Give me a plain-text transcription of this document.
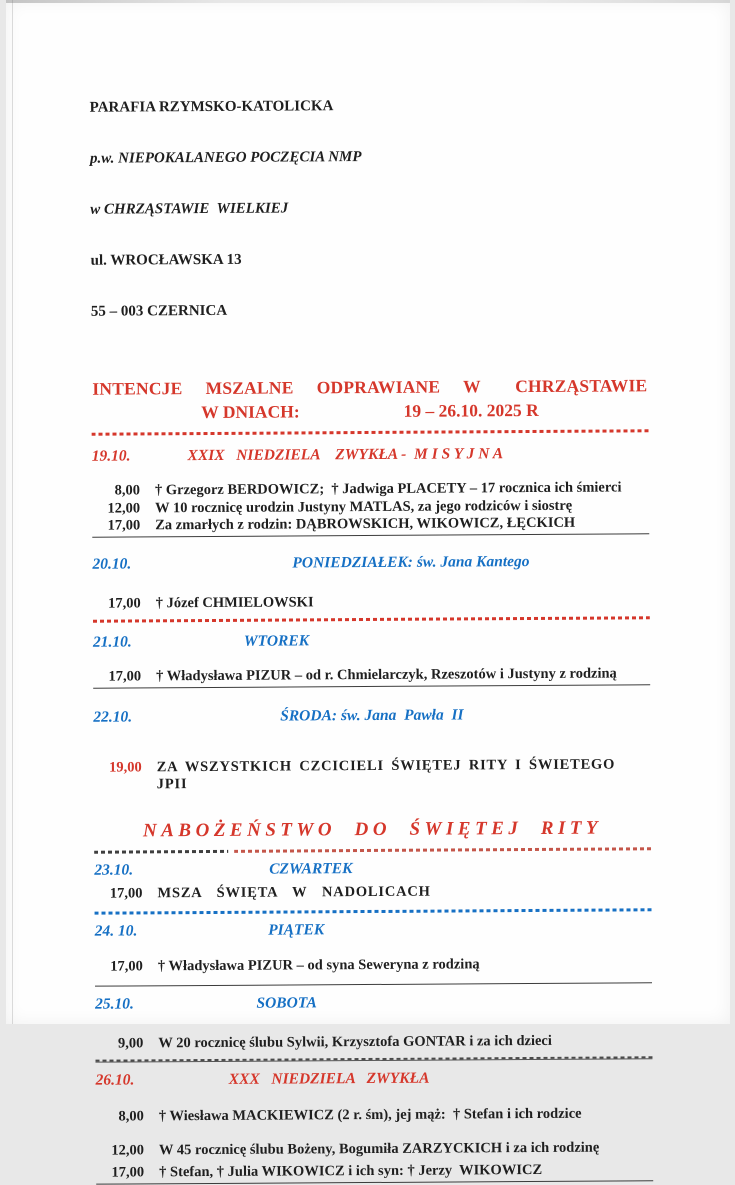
PARAFIA RZYMSKO-KATOLICKA

p.w. NIEPOKALANEGO POCZĘCIA NMP

w CHRZĄSTAWIE  WIELKIEJ

ul. WROCŁAWSKA 13

55 – 003 CZERNICA

INTENCJE  MSZALNE  ODPRAWIANE  W   CHRZĄSTAWIE
W DNIACH:	19 – 26.10. 2025 R
19.10.	XXIX   NIEDZIELA    ZWYKŁA -  M I S Y J N A
8,00 † Grzegorz BERDOWICZ;  † Jadwiga PLACETY – 17 rocznica ich śmierci
12,00 W 10 rocznicę urodzin Justyny MATLAS, za jego rodziców i siostrę
17,00 Za zmarłych z rodzin: DĄBROWSKICH, WIKOWICZ, ŁĘCKICH
20.10.	PONIEDZIAŁEK: św. Jana Kantego
17,00 † Józef CHMIELOWSKI
21.10.	WTOREK
17,00 † Władysława PIZUR – od r. Chmielarczyk, Rzeszotów i Justyny z rodziną
22.10.	ŚRODA: św. Jana  Pawła  II
19,00 ZA WSZYSTKICH CZCICIELI ŚWIĘTEJ RITY I ŚWIETEGO JPII
NABOŻEŃSTWO  DO  ŚWIĘTEJ  RITY
23.10.	CZWARTEK
17,00 MSZA  ŚWIĘTA  W  NADOLICACH
24. 10.	PIĄTEK
17,00 † Władysława PIZUR – od syna Seweryna z rodziną
25.10.	SOBOTA
9,00 W 20 rocznicę ślubu Sylwii, Krzysztofa GONTAR i za ich dzieci
26.10.	XXX   NIEDZIELA   ZWYKŁA
8,00 † Wiesława MACKIEWICZ (2 r. śm), jej mąż:  † Stefan i ich rodzice
12,00 W 45 rocznicę ślubu Bożeny, Bogumiła ZARZYCKICH i za ich rodzinę
17,00 † Stefan, † Julia WIKOWICZ i ich syn: † Jerzy  WIKOWICZ
